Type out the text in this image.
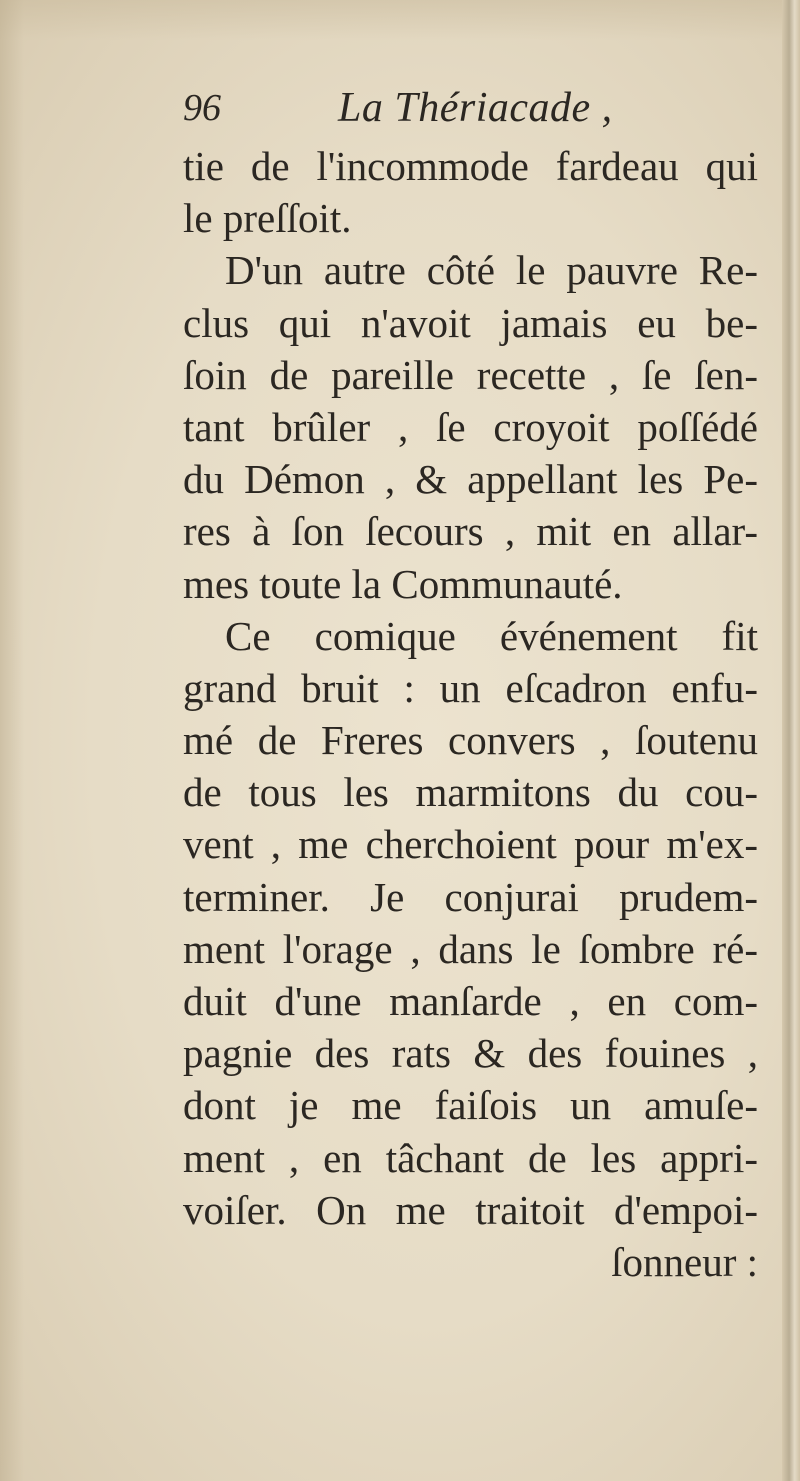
96	La Thériacade ,
tie de l'incommode fardeau qui
le preſſoit.
D'un autre côté le pauvre Re-
clus qui n'avoit jamais eu be-
ſoin de pareille recette , ſe ſen-
tant brûler , ſe croyoit poſſédé
du Démon , & appellant les Pe-
res à ſon ſecours , mit en allar-
mes toute la Communauté.
Ce comique événement fit
grand bruit : un eſcadron enfu-
mé de Freres convers , ſoutenu
de tous les marmitons du cou-
vent , me cherchoient pour m'ex-
terminer. Je conjurai prudem-
ment l'orage , dans le ſombre ré-
duit d'une manſarde , en com-
pagnie des rats & des fouines ,
dont je me faiſois un amuſe-
ment , en tâchant de les appri-
voiſer. On me traitoit d'empoi-
ſonneur :
